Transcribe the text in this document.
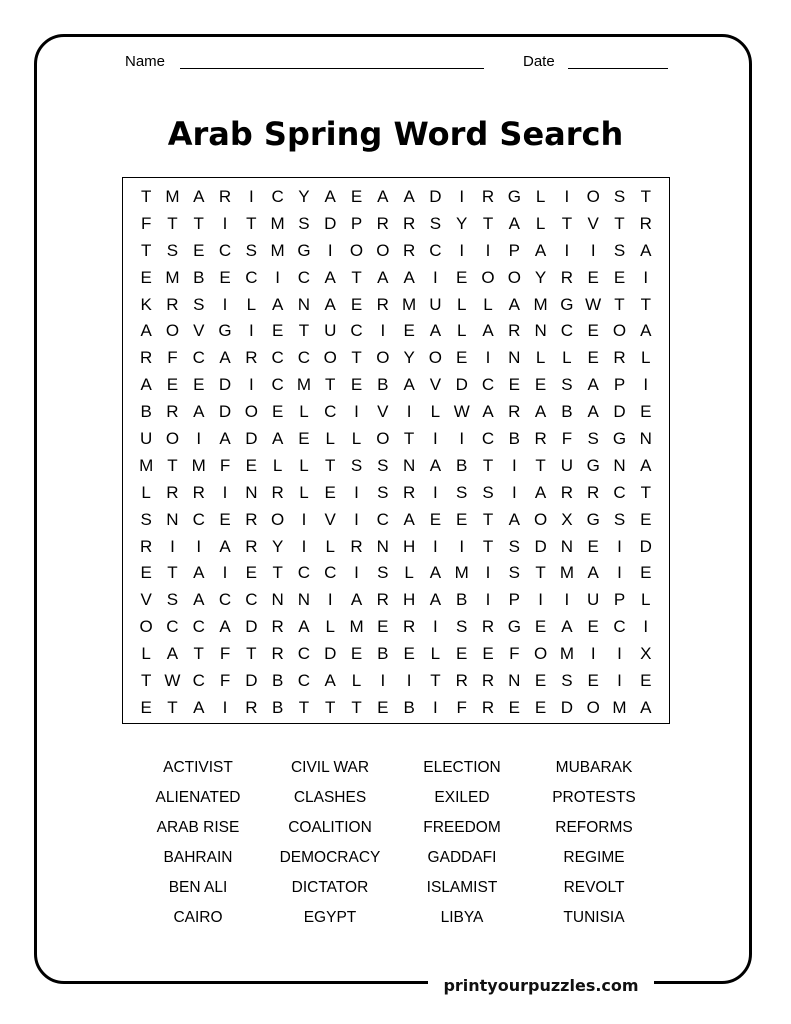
printyourpuzzles.com
Name	Date
Arab Spring Word Search
T M A R	I	C Y A E A A D	I	R G L	I	O S T
F T T	I	T M S D P R R S Y T A L T V T R
T S E C S M G	I	O O R C	I	I	P A	I	I	S A
E M B E C	I	C A T A A	I	E O O Y R E E	I
K R S	I	L A N A E R M U L L A M G W T T
A O V G	I	E T U C	I	E A L A R N C E O A
R F C A R C C O T O Y O E	I	N L L E R L
A E E D	I	C M T E B A V D C E E S A P	I
B R A D O E L C	I	V	I	L W A R A B A D E
U O	I	A D A E L L O T	I	I	C B R F S G N
M T M F E L L T S S N A B T	I	T U G N A
L R R	I	N R L E	I	S R	I	S S	I	A R R C T
S N C E R O	I	V	I	C A E E T A O X G S E
R	I	I	A R Y	I	L R N H	I	I	T S D N E	I	D
E T A	I	E T C C	I	S L A M I	S T M A	I	E
V S A C C N N	I	A R H A B	I	P	I	I	U P L
O C C A D R A L M E R	I	S R G E A E C	I
L A T F T R C D E B E L E E F O M I	I	X
T W C F D B C A L	I	I	T R R N E S E	I	E
E T A	I	R B T T T E B	I	F R E E D O M A
ACTIVIST	CIVIL WAR	ELECTION	MUBARAK
ALIENATED	CLASHES	EXILED	PROTESTS
ARAB RISE	COALITION	FREEDOM	REFORMS
BAHRAIN	DEMOCRACY	GADDAFI	REGIME
BEN ALI	DICTATOR	ISLAMIST	REVOLT
CAIRO	EGYPT	LIBYA	TUNISIA
